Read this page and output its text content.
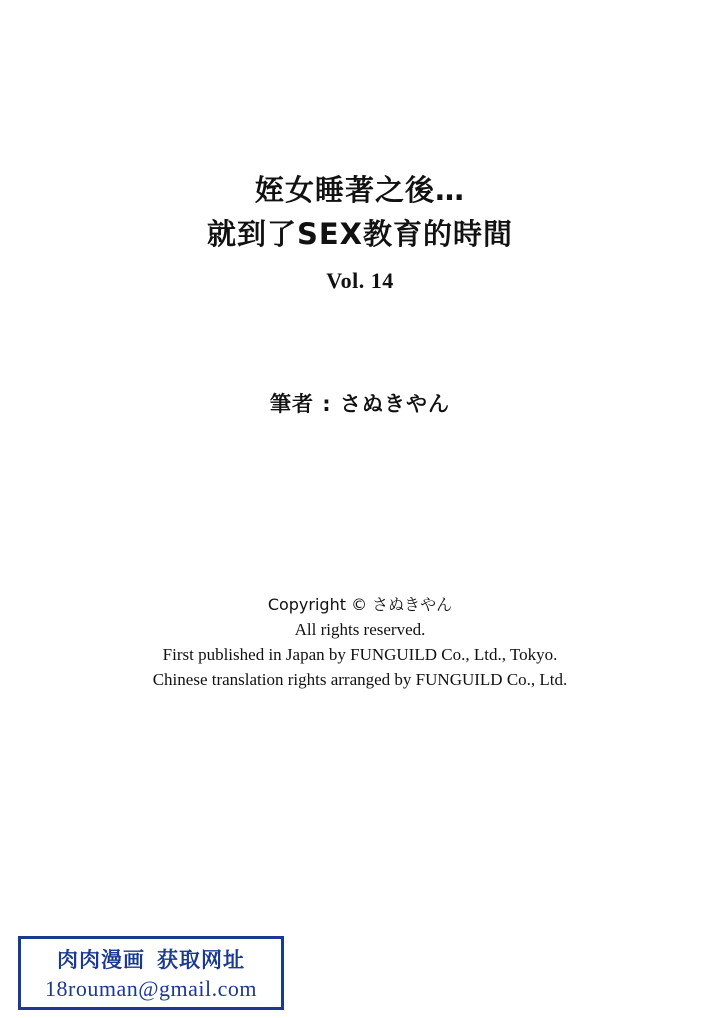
姪女睡著之後…
就到了SEX教育的時間
Vol. 14
筆者 : さぬきやん
Copyright © さぬきやん
All rights reserved.
First published in Japan by FUNGUILD Co., Ltd., Tokyo.
Chinese translation rights arranged by FUNGUILD Co., Ltd.
肉肉漫画 获取网址
18rouman@gmail.com
